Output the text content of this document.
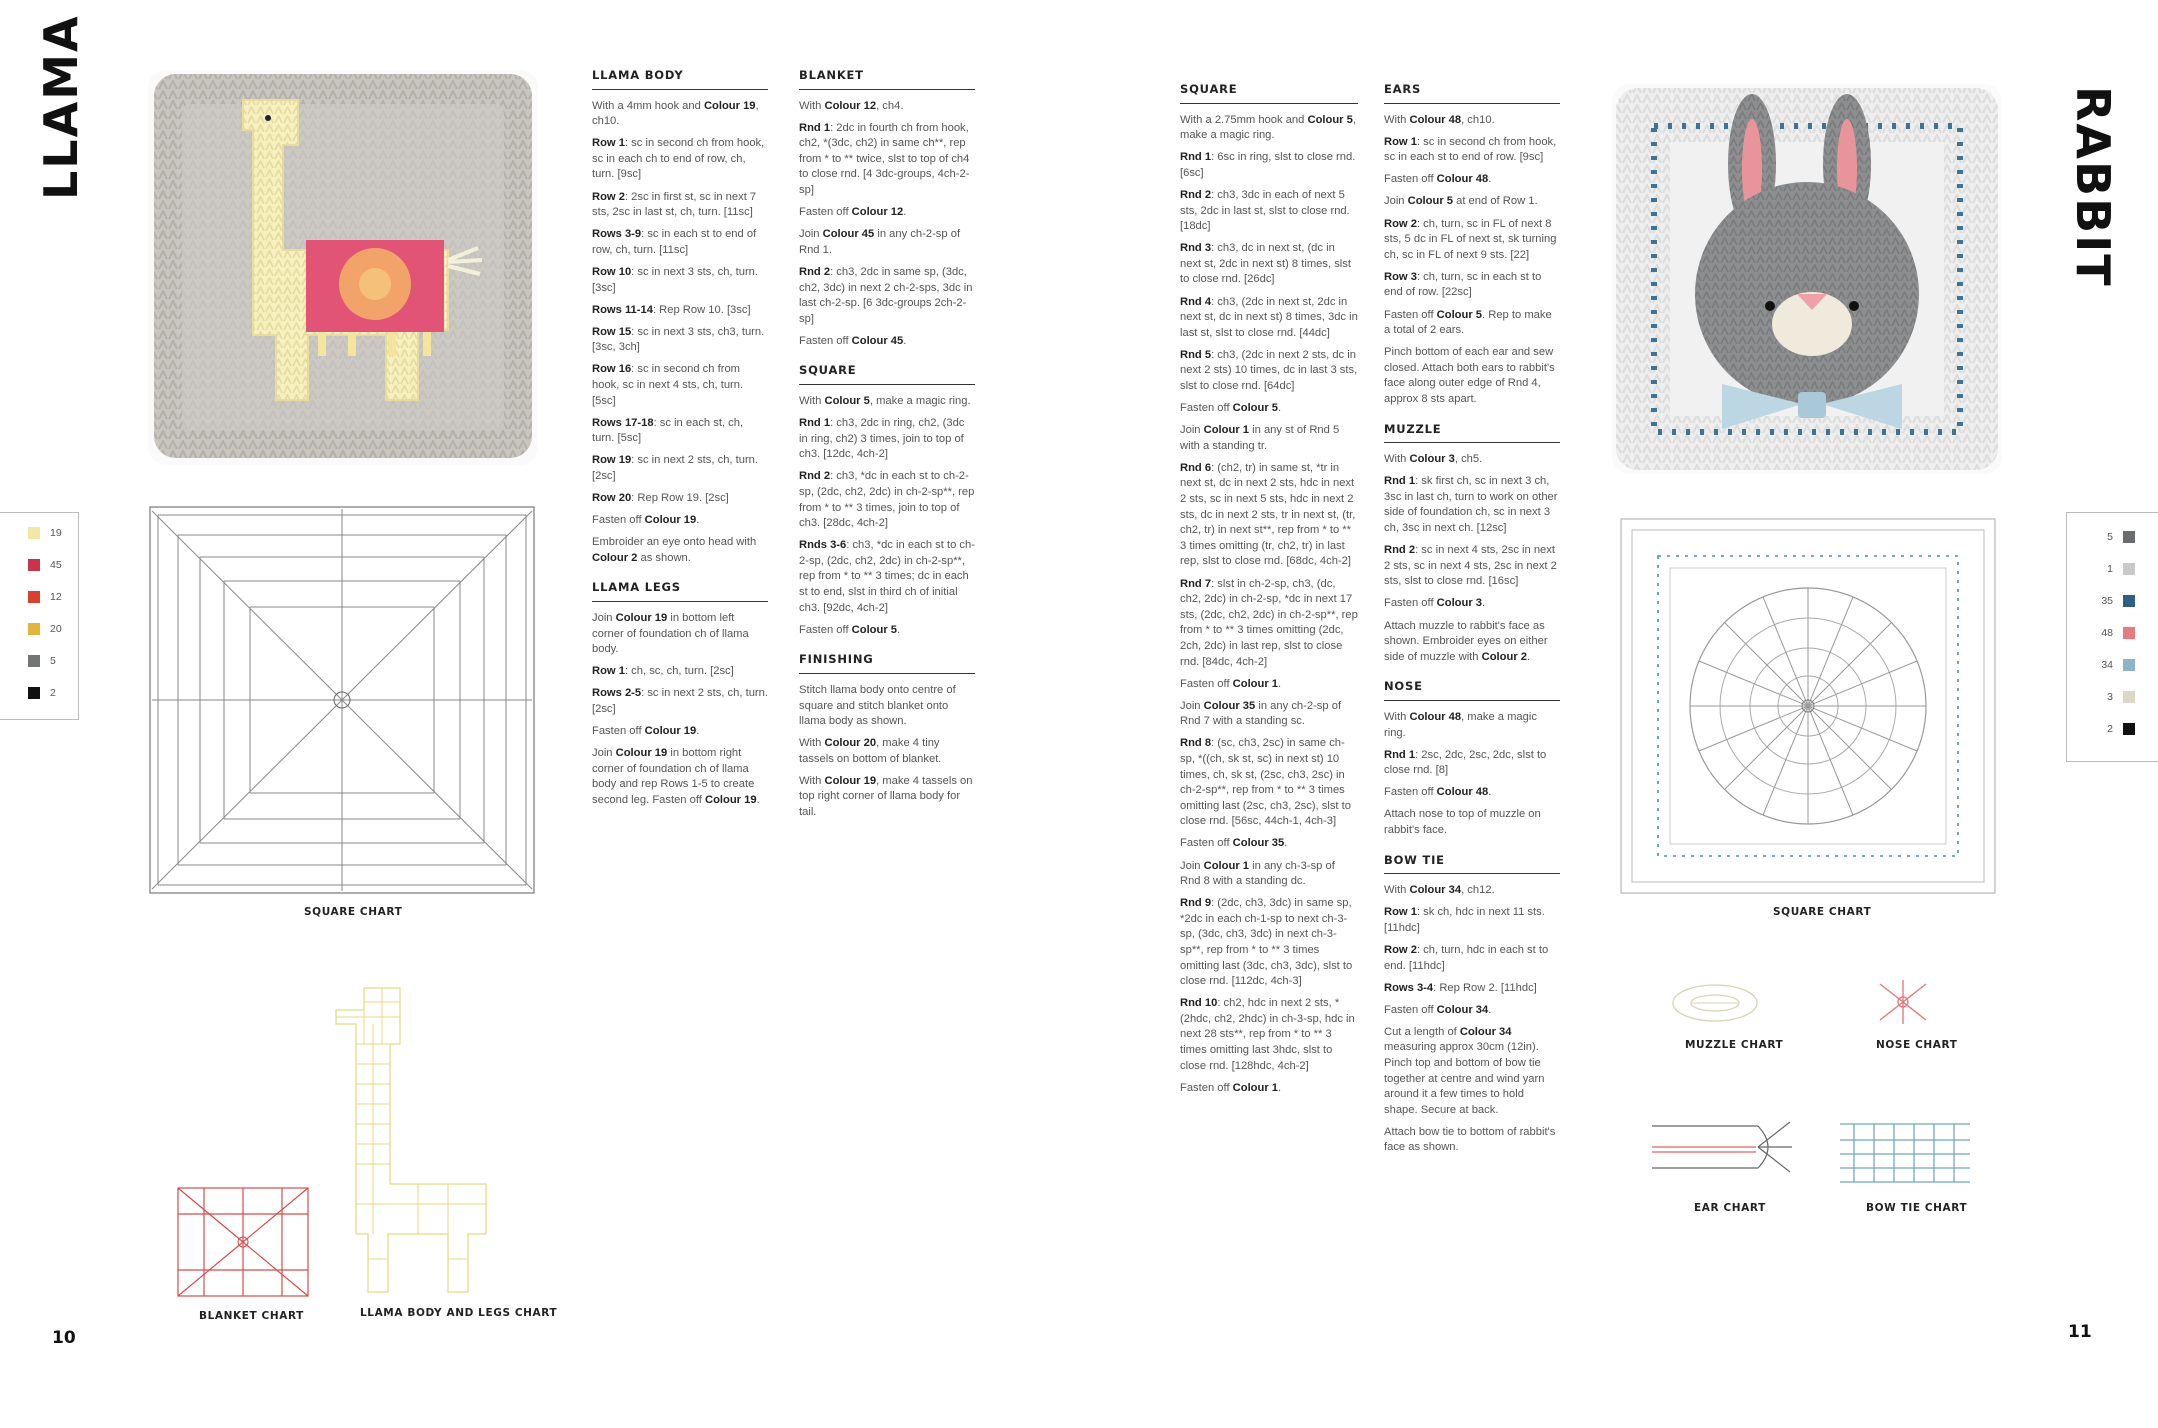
LLAMA	RABBIT
SQUARE CHART
BLANKET CHART	LLAMA BODY AND LEGS CHART
19
45
12
20
5
2
LLAMA BODY

With a 4mm hook and Colour 19, ch10.

Row 1: sc in second ch from hook, sc in each ch to end of row, ch, turn. [9sc]

Row 2: 2sc in first st, sc in next 7 sts, 2sc in last st, ch, turn. [11sc]

Rows 3-9: sc in each st to end of row, ch, turn. [11sc]

Row 10: sc in next 3 sts, ch, turn. [3sc]

Rows 11-14: Rep Row 10. [3sc]

Row 15: sc in next 3 sts, ch3, turn. [3sc, 3ch]

Row 16: sc in second ch from hook, sc in next 4 sts, ch, turn. [5sc]

Rows 17-18: sc in each st, ch, turn. [5sc]

Row 19: sc in next 2 sts, ch, turn. [2sc]

Row 20: Rep Row 19. [2sc]

Fasten off Colour 19.

Embroider an eye onto head with Colour 2 as shown.

LLAMA LEGS

Join Colour 19 in bottom left corner of foundation ch of llama body.

Row 1: ch, sc, ch, turn. [2sc]

Rows 2-5: sc in next 2 sts, ch, turn. [2sc]

Fasten off Colour 19.

Join Colour 19 in bottom right corner of foundation ch of llama body and rep Rows 1-5 to create second leg. Fasten off Colour 19.

BLANKET

With Colour 12, ch4.

Rnd 1: 2dc in fourth ch from hook, ch2, *(3dc, ch2) in same ch**, rep from * to ** twice, slst to top of ch4 to close rnd. [4 3dc-groups, 4ch-2-sp]

Fasten off Colour 12.

Join Colour 45 in any ch-2-sp of Rnd 1.

Rnd 2: ch3, 2dc in same sp, (3dc, ch2, 3dc) in next 2 ch-2-sps, 3dc in last ch-2-sp. [6 3dc-groups 2ch-2-sp]

Fasten off Colour 45.

SQUARE

With Colour 5, make a magic ring.

Rnd 1: ch3, 2dc in ring, ch2, (3dc in ring, ch2) 3 times, join to top of ch3. [12dc, 4ch-2]

Rnd 2: ch3, *dc in each st to ch-2-sp, (2dc, ch2, 2dc) in ch-2-sp**, rep from * to ** 3 times, join to top of ch3. [28dc, 4ch-2]

Rnds 3-6: ch3, *dc in each st to ch-2-sp, (2dc, ch2, 2dc) in ch-2-sp**, rep from * to ** 3 times; dc in each st to end, slst in third ch of initial ch3. [92dc, 4ch-2]

Fasten off Colour 5.

FINISHING

Stitch llama body onto centre of square and stitch blanket onto llama body as shown.

With Colour 20, make 4 tiny tassels on bottom of blanket.

With Colour 19, make 4 tassels on top right corner of llama body for tail.

SQUARE

With a 2.75mm hook and Colour 5, make a magic ring.

Rnd 1: 6sc in ring, slst to close rnd. [6sc]

Rnd 2: ch3, 3dc in each of next 5 sts, 2dc in last st, slst to close rnd. [18dc]

Rnd 3: ch3, dc in next st, (dc in next st, 2dc in next st) 8 times, slst to close rnd. [26dc]

Rnd 4: ch3, (2dc in next st, 2dc in next st, dc in next st) 8 times, 3dc in last st, slst to close rnd. [44dc]

Rnd 5: ch3, (2dc in next 2 sts, dc in next 2 sts) 10 times, dc in last 3 sts, slst to close rnd. [64dc]

Fasten off Colour 5.

Join Colour 1 in any st of Rnd 5 with a standing tr.

Rnd 6: (ch2, tr) in same st, *tr in next st, dc in next 2 sts, hdc in next 2 sts, sc in next 5 sts, hdc in next 2 sts, dc in next 2 sts, tr in next st, (tr, ch2, tr) in next st**, rep from * to ** 3 times omitting (tr, ch2, tr) in last rep, slst to close rnd. [68dc, 4ch-2]

Rnd 7: slst in ch-2-sp, ch3, (dc, ch2, 2dc) in ch-2-sp, *dc in next 17 sts, (2dc, ch2, 2dc) in ch-2-sp**, rep from * to ** 3 times omitting (2dc, 2ch, 2dc) in last rep, slst to close rnd. [84dc, 4ch-2]

Fasten off Colour 1.

Join Colour 35 in any ch-2-sp of Rnd 7 with a standing sc.

Rnd 8: (sc, ch3, 2sc) in same ch-sp, *((ch, sk st, sc) in next st) 10 times, ch, sk st, (2sc, ch3, 2sc) in ch-2-sp**, rep from * to ** 3 times omitting last (2sc, ch3, 2sc), slst to close rnd. [56sc, 44ch-1, 4ch-3]

Fasten off Colour 35.

Join Colour 1 in any ch-3-sp of Rnd 8 with a standing dc.

Rnd 9: (2dc, ch3, 3dc) in same sp, *2dc in each ch-1-sp to next ch-3-sp, (3dc, ch3, 3dc) in next ch-3-sp**, rep from * to ** 3 times omitting last (3dc, ch3, 3dc), slst to close rnd. [112dc, 4ch-3]

Rnd 10: ch2, hdc in next 2 sts, *(2hdc, ch2, 2hdc) in ch-3-sp, hdc in next 28 sts**, rep from * to ** 3 times omitting last 3hdc, slst to close rnd. [128hdc, 4ch-2]

Fasten off Colour 1.

EARS

With Colour 48, ch10.

Row 1: sc in second ch from hook, sc in each st to end of row. [9sc]

Fasten off Colour 48.

Join Colour 5 at end of Row 1.

Row 2: ch, turn, sc in FL of next 8 sts, 5 dc in FL of next st, sk turning ch, sc in FL of next 9 sts. [22]

Row 3: ch, turn, sc in each st to end of row. [22sc]

Fasten off Colour 5. Rep to make a total of 2 ears.

Pinch bottom of each ear and sew closed. Attach both ears to rabbit's face along outer edge of Rnd 4, approx 8 sts apart.

MUZZLE

With Colour 3, ch5.

Rnd 1: sk first ch, sc in next 3 ch, 3sc in last ch, turn to work on other side of foundation ch, sc in next 3 ch, 3sc in next ch. [12sc]

Rnd 2: sc in next 4 sts, 2sc in next 2 sts, sc in next 4 sts, 2sc in next 2 sts, slst to close rnd. [16sc]

Fasten off Colour 3.

Attach muzzle to rabbit's face as shown. Embroider eyes on either side of muzzle with Colour 2.

NOSE

With Colour 48, make a magic ring.

Rnd 1: 2sc, 2dc, 2sc, 2dc, slst to close rnd. [8]

Fasten off Colour 48.

Attach nose to top of muzzle on rabbit's face.

BOW TIE

With Colour 34, ch12.

Row 1: sk ch, hdc in next 11 sts. [11hdc]

Row 2: ch, turn, hdc in each st to end. [11hdc]

Rows 3-4: Rep Row 2. [11hdc]

Fasten off Colour 34.

Cut a length of Colour 34 measuring approx 30cm (12in). Pinch top and bottom of bow tie together at centre and wind yarn around it a few times to hold shape. Secure at back.

Attach bow tie to bottom of rabbit's face as shown.

SQUARE CHART
MUZZLE CHART	NOSE CHART
EAR CHART	BOW TIE CHART
5
1
35
48
34
3
2
10	11
